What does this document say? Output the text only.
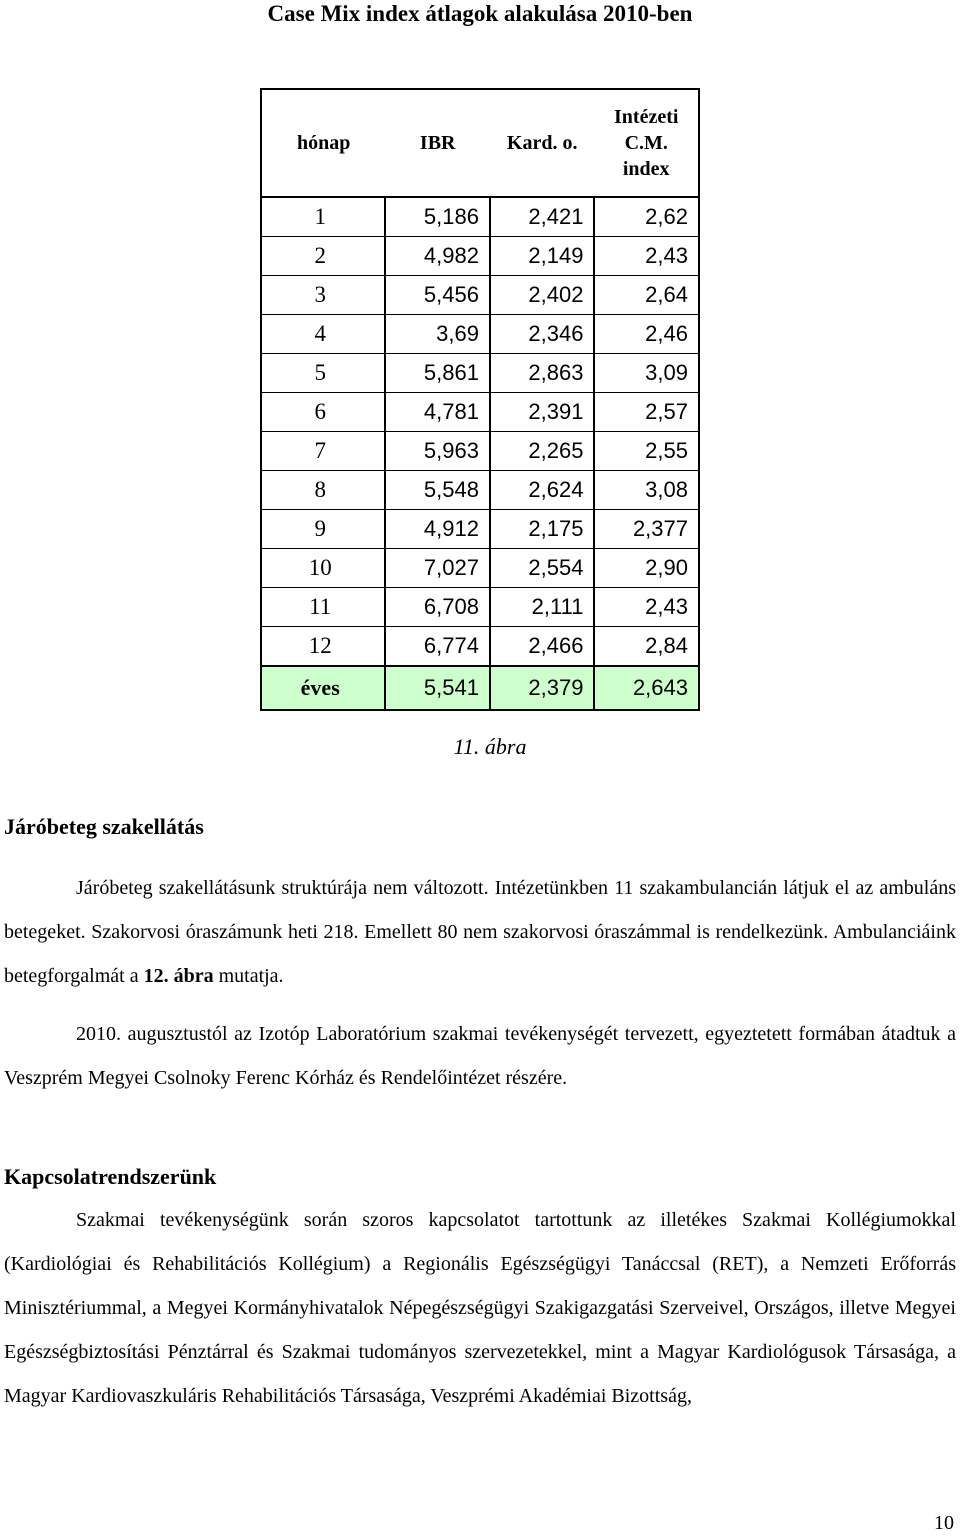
Case Mix index átlagok alakulása 2010-ben
hónap	IBR	Kard. o.	Intézeti
C.M.
index

1	5,186	2,421	2,62
2	4,982	2,149	2,43
3	5,456	2,402	2,64
4	3,69	2,346	2,46
5	5,861	2,863	3,09
6	4,781	2,391	2,57
7	5,963	2,265	2,55
8	5,548	2,624	3,08
9	4,912	2,175	2,377
10	7,027	2,554	2,90
11	6,708	2,111	2,43
12	6,774	2,466	2,84
éves	5,541	2,379	2,643
11. ábra
Járóbeteg szakellátás
Járóbeteg szakellátásunk struktúrája nem változott. Intézetünkben 11 szakambulancián látjuk el az ambuláns betegeket. Szakorvosi óraszámunk heti 218. Emellett 80 nem szakorvosi óraszámmal is rendelkezünk. Ambulanciáink betegforgalmát a 12. ábra mutatja.
2010. augusztustól az Izotóp Laboratórium szakmai tevékenységét tervezett, egyeztetett formában átadtuk a Veszprém Megyei Csolnoky Ferenc Kórház és Rendelőintézet részére.
Kapcsolatrendszerünk
Szakmai tevékenységünk során szoros kapcsolatot tartottunk az illetékes Szakmai Kollégiumokkal (Kardiológiai és Rehabilitációs Kollégium) a Regionális Egészségügyi Tanáccsal (RET), a Nemzeti Erőforrás Minisztériummal, a Megyei Kormányhivatalok Népegészségügyi Szakigazgatási Szerveivel, Országos, illetve Megyei Egészségbiztosítási Pénztárral és Szakmai tudományos szervezetekkel, mint a Magyar Kardiológusok Társasága, a Magyar Kardiovaszkuláris Rehabilitációs Társasága, Veszprémi Akadémiai Bizottság,
10
